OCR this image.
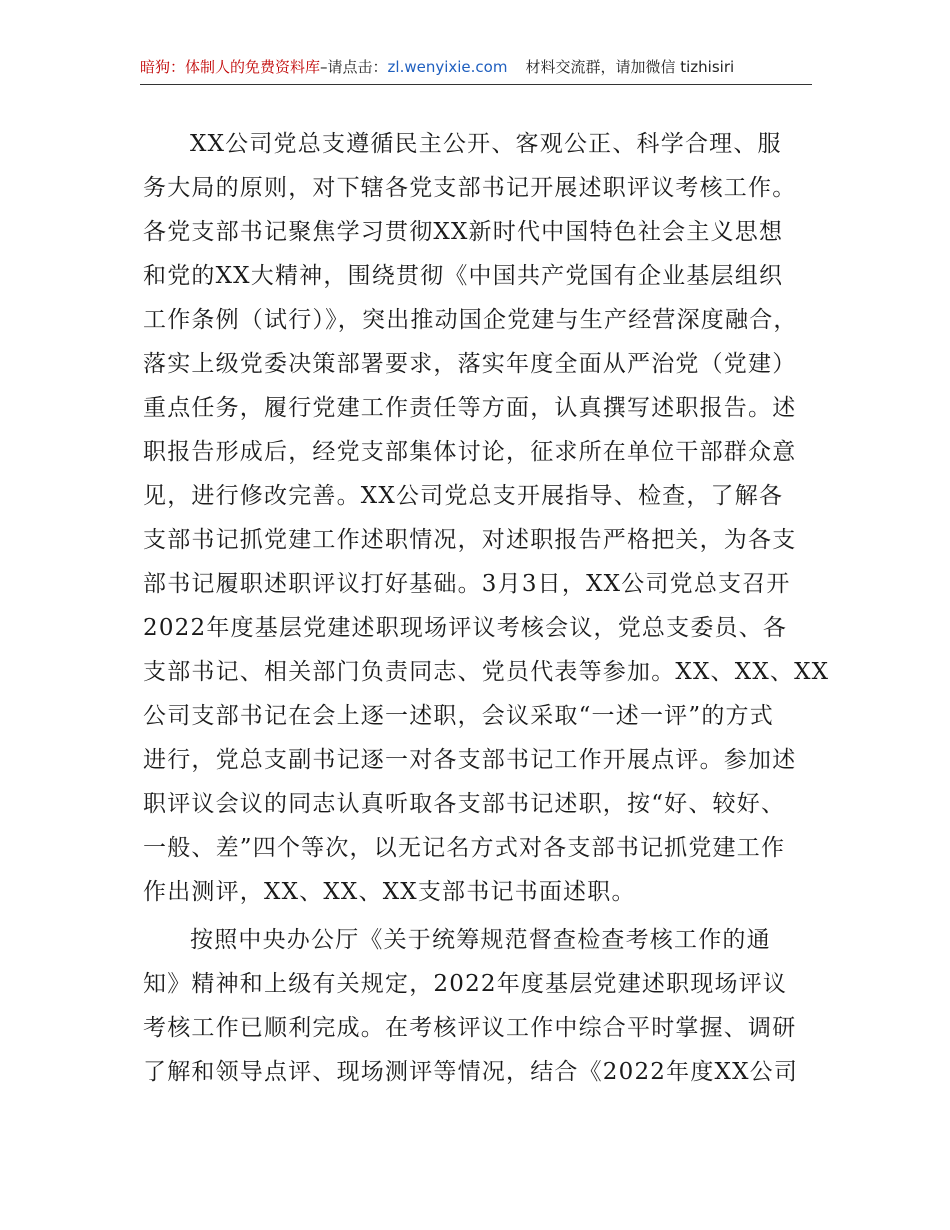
暗狗：体制人的免费资料库–请点击：zl.wenyixie.com 材料交流群，请加微信 tizhisiri
XX公司党总支遵循民主公开、客观公正、科学合理、服
务大局的原则，对下辖各党支部书记开展述职评议考核工作。
各党支部书记聚焦学习贯彻XX新时代中国特色社会主义思想
和党的XX大精神，围绕贯彻《中国共产党国有企业基层组织
工作条例（试行）》，突出推动国企党建与生产经营深度融合，
落实上级党委决策部署要求，落实年度全面从严治党（党建）
重点任务，履行党建工作责任等方面，认真撰写述职报告。述
职报告形成后，经党支部集体讨论，征求所在单位干部群众意
见，进行修改完善。XX公司党总支开展指导、检查，了解各
支部书记抓党建工作述职情况，对述职报告严格把关，为各支
部书记履职述职评议打好基础。3月3日，XX公司党总支召开
2022年度基层党建述职现场评议考核会议，党总支委员、各
支部书记、相关部门负责同志、党员代表等参加。XX、XX、XX
公司支部书记在会上逐一述职，会议采取“一述一评”的方式
进行，党总支副书记逐一对各支部书记工作开展点评。参加述
职评议会议的同志认真听取各支部书记述职，按“好、较好、
一般、差”四个等次，以无记名方式对各支部书记抓党建工作
作出测评，XX、XX、XX支部书记书面述职。
按照中央办公厅《关于统筹规范督查检查考核工作的通
知》精神和上级有关规定，2022年度基层党建述职现场评议
考核工作已顺利完成。在考核评议工作中综合平时掌握、调研
了解和领导点评、现场测评等情况，结合《2022年度XX公司
